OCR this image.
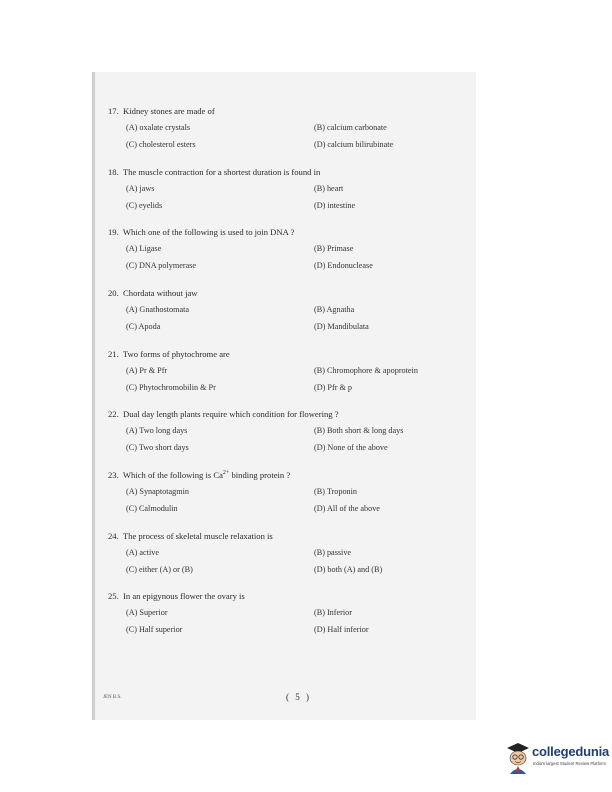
17. Kidney stones are made of
(A) oxalate crystals	(B) calcium carbonate
(C) cholesterol esters	(D) calcium bilirubinate
18. The muscle contraction for a shortest duration is found in
(A) jaws	(B) heart
(C) eyelids	(D) intestine
19. Which one of the following is used to join DNA ?
(A) Ligase	(B) Primase
(C) DNA polymerase	(D) Endonuclease
20. Chordata without jaw
(A) Gnathostomata	(B) Agnatha
(C) Apoda	(D) Mandibulata
21. Two forms of phytochrome are
(A) Pr & Pfr	(B) Chromophore & apoprotein
(C) Phytochromobilin & Pr	(D) Pfr & p
22. Dual day length plants require which condition for flowering ?
(A) Two long days	(B) Both short & long days
(C) Two short days	(D) None of the above
23. Which of the following is $Ca^{2+}$ binding protein ?
(A) Synaptotagmin	(B) Troponin
(C) Calmodulin	(D) All of the above
24. The process of skeletal muscle relaxation is
(A) active	(B) passive
(C) either (A) or (B)	(D) both (A) and (B)
25. In an epigynous flower the ovary is
(A) Superior	(B) Inferior
(C) Half superior	(D) Half inferior
JEN B.S.	( 5 )
collegedunia
India's largest Student Review Platform
